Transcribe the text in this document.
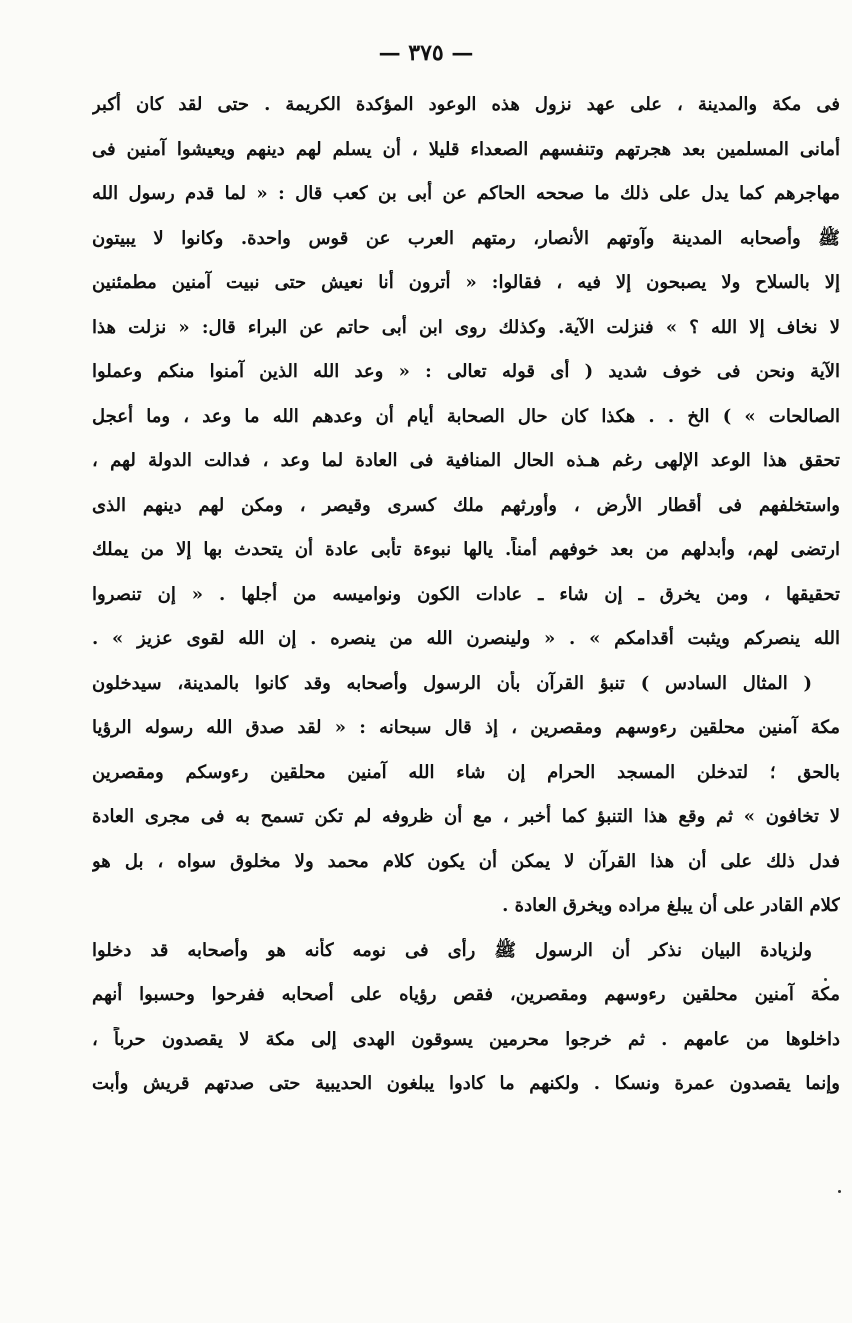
— ٣٧٥ —
فى مكة والمدينة ، على عهد نزول هذه الوعود المؤكدة الكريمة . حتى لقد كان أكبر
أمانى المسلمين بعد هجرتهم وتنفسهم الصعداء قليلا ، أن يسلم لهم دينهم ويعيشوا آمنين فى
مهاجرهم كما يدل على ذلك ما صححه الحاكم عن أبى بن كعب قال : « لما قدم رسول الله
ﷺ وأصحابه المدينة وآوتهم الأنصار، رمتهم العرب عن قوس واحدة. وكانوا لا يبيتون
إلا بالسلاح ولا يصبحون إلا فيه ، فقالوا: « أترون أنا نعيش حتى نبيت آمنين مطمئنين
لا نخاف إلا الله ؟ » فنزلت الآية. وكذلك روى ابن أبى حاتم عن البراء قال: « نزلت هذا
الآية ونحن فى خوف شديد ( أى قوله تعالى : « وعد الله الذين آمنوا منكم وعملوا
الصالحات » ) الخ . . هكذا كان حال الصحابة أيام أن وعدهم الله ما وعد ، وما أعجل
تحقق هذا الوعد الإلهى رغم هـذه الحال المنافية فى العادة لما وعد ، فدالت الدولة لهم ،
واستخلفهم فى أقطار الأرض ، وأورثهم ملك كسرى وقيصر ، ومكن لهم دينهم الذى
ارتضى لهم، وأبدلهم من بعد خوفهم أمناً. يالها نبوءة تأبى عادة أن يتحدث بها إلا من يملك
تحقيقها ، ومن يخرق ـ إن شاء ـ عادات الكون ونواميسه من أجلها . « إن تنصروا
الله ينصركم ويثبت أقدامكم » . « ولينصرن الله من ينصره . إن الله لقوى عزيز » .
( المثال السادس ) تنبؤ القرآن بأن الرسول وأصحابه وقد كانوا بالمدينة، سيدخلون
مكة آمنين محلقين رءوسهم ومقصرين ، إذ قال سبحانه : « لقد صدق الله رسوله الرؤيا
بالحق ؛ لتدخلن المسجد الحرام إن شاء الله آمنين محلقين رءوسكم ومقصرين
لا تخافون » ثم وقع هذا التنبؤ كما أخبر ، مع أن ظروفه لم تكن تسمح به فى مجرى العادة
فدل ذلك على أن هذا القرآن لا يمكن أن يكون كلام محمد ولا مخلوق سواه ، بل هو
كلام القادر على أن يبلغ مراده ويخرق العادة .
ولزيادة البيان نذكر أن الرسول ﷺ رأى فى نومه كأنه هو وأصحابه قد دخلوا
مكة آمنين محلقين رءوسهم ومقصرين، فقص رؤياه على أصحابه ففرحوا وحسبوا أنهم
داخلوها من عامهم . ثم خرجوا محرمين يسوقون الهدى إلى مكة لا يقصدون حرباً ،
وإنما يقصدون عمرة ونسكا . ولكنهم ما كادوا يبلغون الحديبية حتى صدتهم قريش وأبت
